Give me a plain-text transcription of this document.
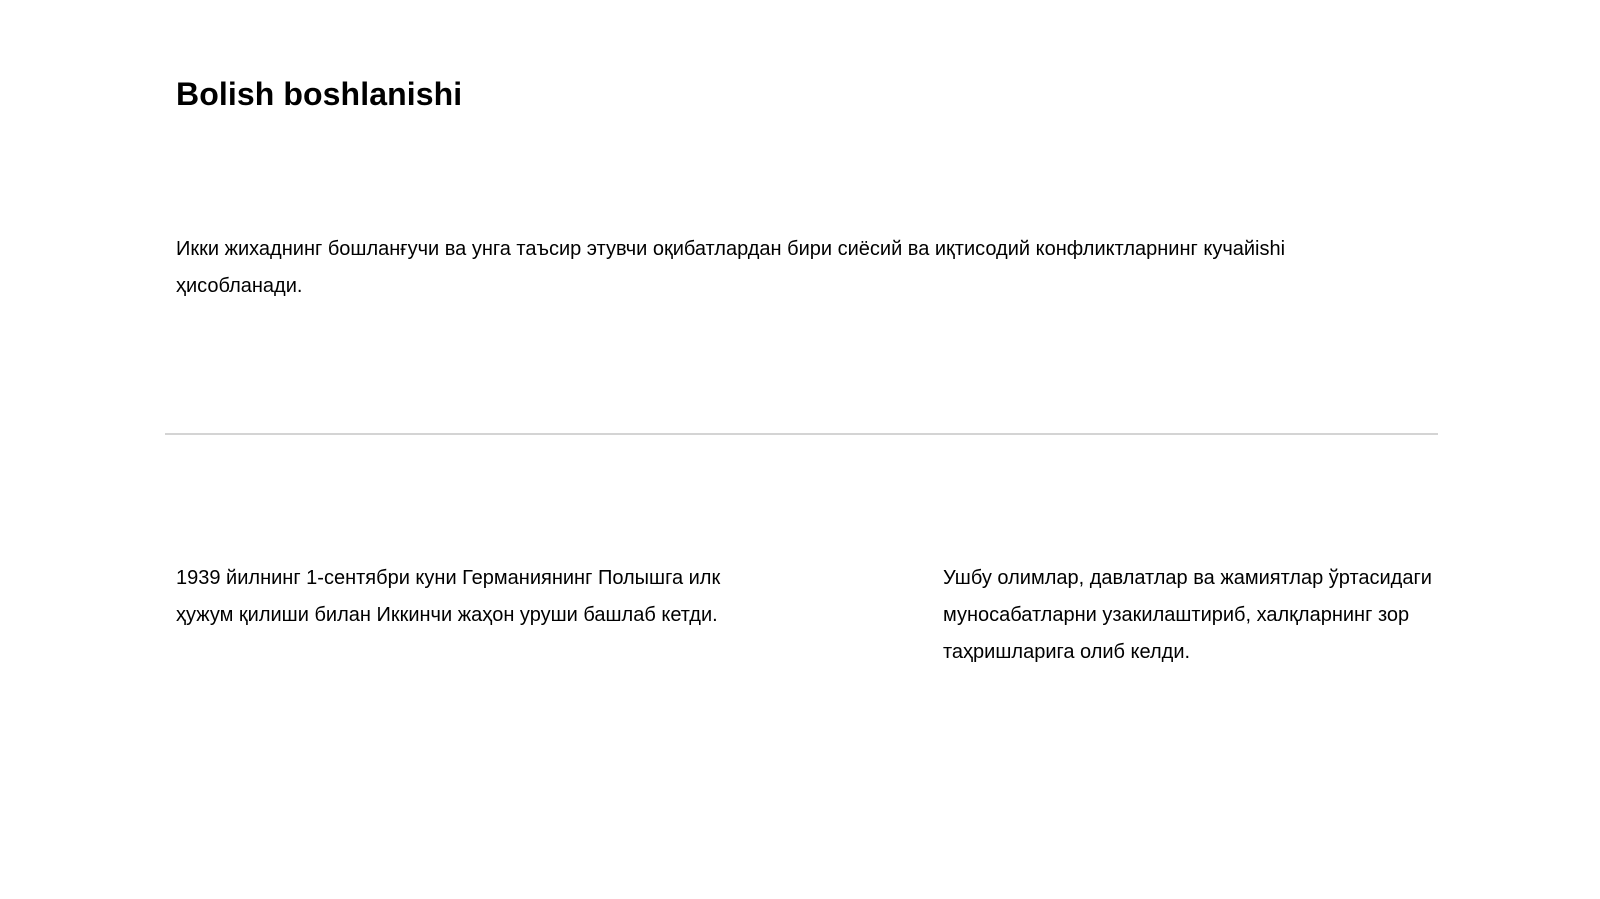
Bolish boshlanishi

Икки жихаднинг бошланғучи ва унга таъсир этувчи оқибатлардан бири сиёсий ва иқтисодий конфликтларнинг кучайishi ҳисобланади.

1939 йилнинг 1-сентябри куни Германиянинг Полышга илк ҳужум қилиши билан Иккинчи жаҳон уруши башлаб кетди.

Ушбу олимлар, давлатлар ва жамиятлар ўртасидаги муносабатларни узакилаштириб, халқларнинг зор таҳришларига олиб келди.
